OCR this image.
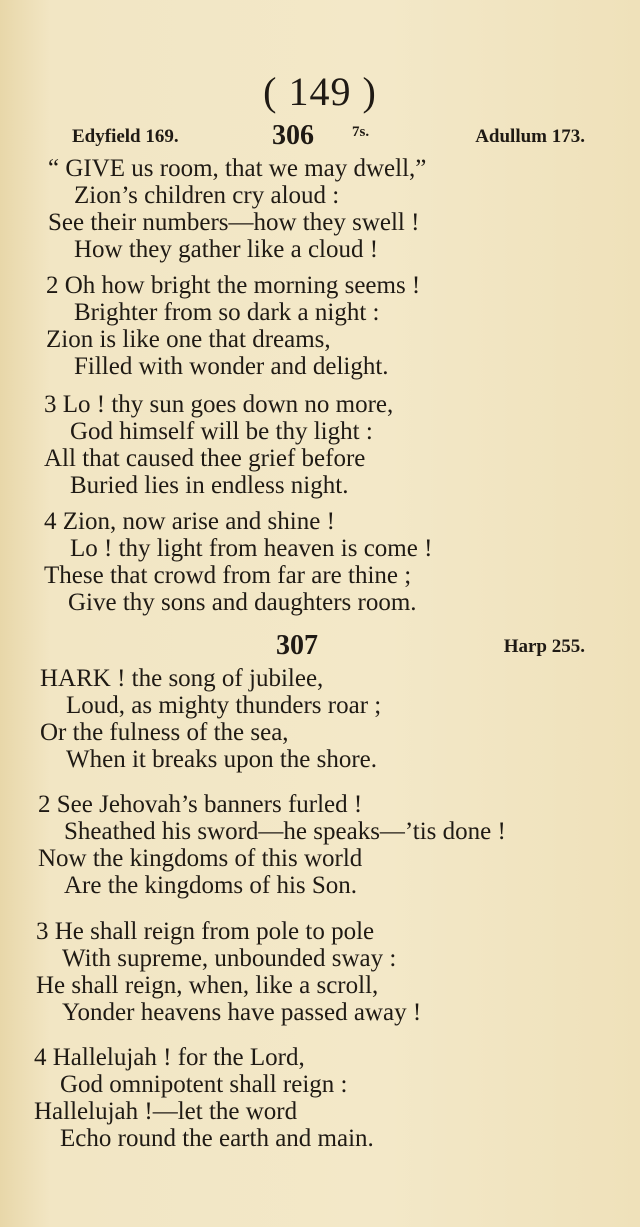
( 149 )
Edyfield 169.	306	7s.	Adullum 173.
“ GIVE us room, that we may dwell,”
Zion’s children cry aloud :
See their numbers—how they swell !
How they gather like a cloud !
2 Oh how bright the morning seems !
Brighter from so dark a night :
Zion is like one that dreams,
Filled with wonder and delight.
3 Lo ! thy sun goes down no more,
God himself will be thy light :
All that caused thee grief before
Buried lies in endless night.
4 Zion, now arise and shine !
Lo ! thy light from heaven is come !
These that crowd from far are thine ;
Give thy sons and daughters room.
307	Harp 255.
HARK ! the song of jubilee,
Loud, as mighty thunders roar ;
Or the fulness of the sea,
When it breaks upon the shore.
2 See Jehovah’s banners furled !
Sheathed his sword—he speaks—’tis done !
Now the kingdoms of this world
Are the kingdoms of his Son.
3 He shall reign from pole to pole
With supreme, unbounded sway :
He shall reign, when, like a scroll,
Yonder heavens have passed away !
4 Hallelujah ! for the Lord,
God omnipotent shall reign :
Hallelujah !—let the word
Echo round the earth and main.
